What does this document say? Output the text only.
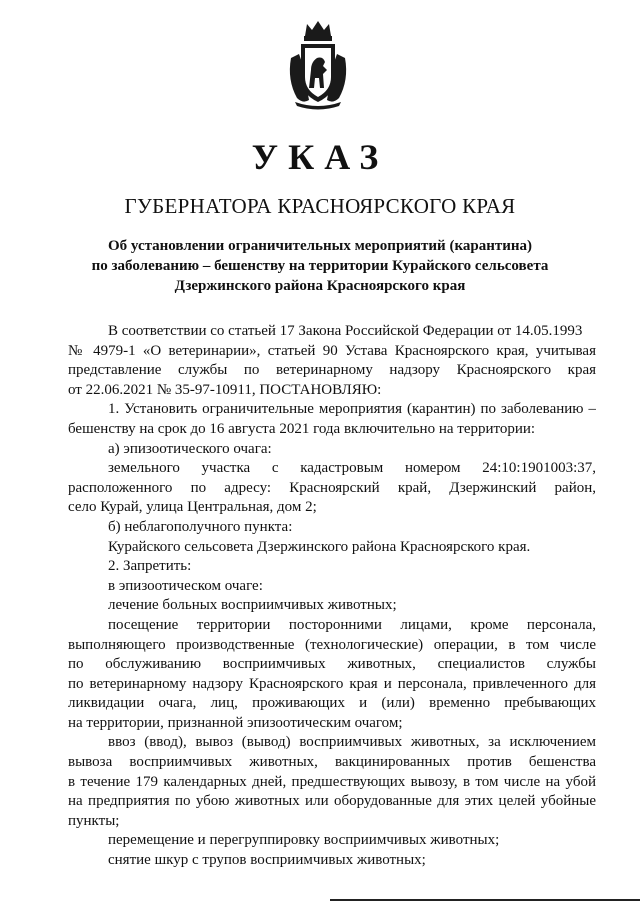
УКАЗ
ГУБЕРНАТОРА КРАСНОЯРСКОГО КРАЯ
Об установлении ограничительных мероприятий (карантина)
по заболеванию – бешенству на территории Курайского сельсовета
Дзержинского района Красноярского края
В соответствии со статьей 17 Закона Российской Федерации от 14.05.1993
№ 4979-1 «О ветеринарии», статьей 90 Устава Красноярского края, учитывая
представление службы по ветеринарному надзору Красноярского края
от 22.06.2021 № 35-97-10911, ПОСТАНОВЛЯЮ:
1. Установить ограничительные мероприятия (карантин) по заболеванию –
бешенству на срок до 16 августа 2021 года включительно на территории:
а) эпизоотического очага:
земельного участка с кадастровым номером 24:10:1901003:37,
расположенного по адресу: Красноярский край, Дзержинский район,
село Курай, улица Центральная, дом 2;
б) неблагополучного пункта:
Курайского сельсовета Дзержинского района Красноярского края.
2. Запретить:
в эпизоотическом очаге:
лечение больных восприимчивых животных;
посещение территории посторонними лицами, кроме персонала,
выполняющего производственные (технологические) операции, в том числе
по обслуживанию восприимчивых животных, специалистов службы
по ветеринарному надзору Красноярского края и персонала, привлеченного для
ликвидации очага, лиц, проживающих и (или) временно пребывающих
на территории, признанной эпизоотическим очагом;
ввоз (ввод), вывоз (вывод) восприимчивых животных, за исключением
вывоза восприимчивых животных, вакцинированных против бешенства
в течение 179 календарных дней, предшествующих вывозу, в том числе на убой
на предприятия по убою животных или оборудованные для этих целей убойные
пункты;
перемещение и перегруппировку восприимчивых животных;
снятие шкур с трупов восприимчивых животных;
